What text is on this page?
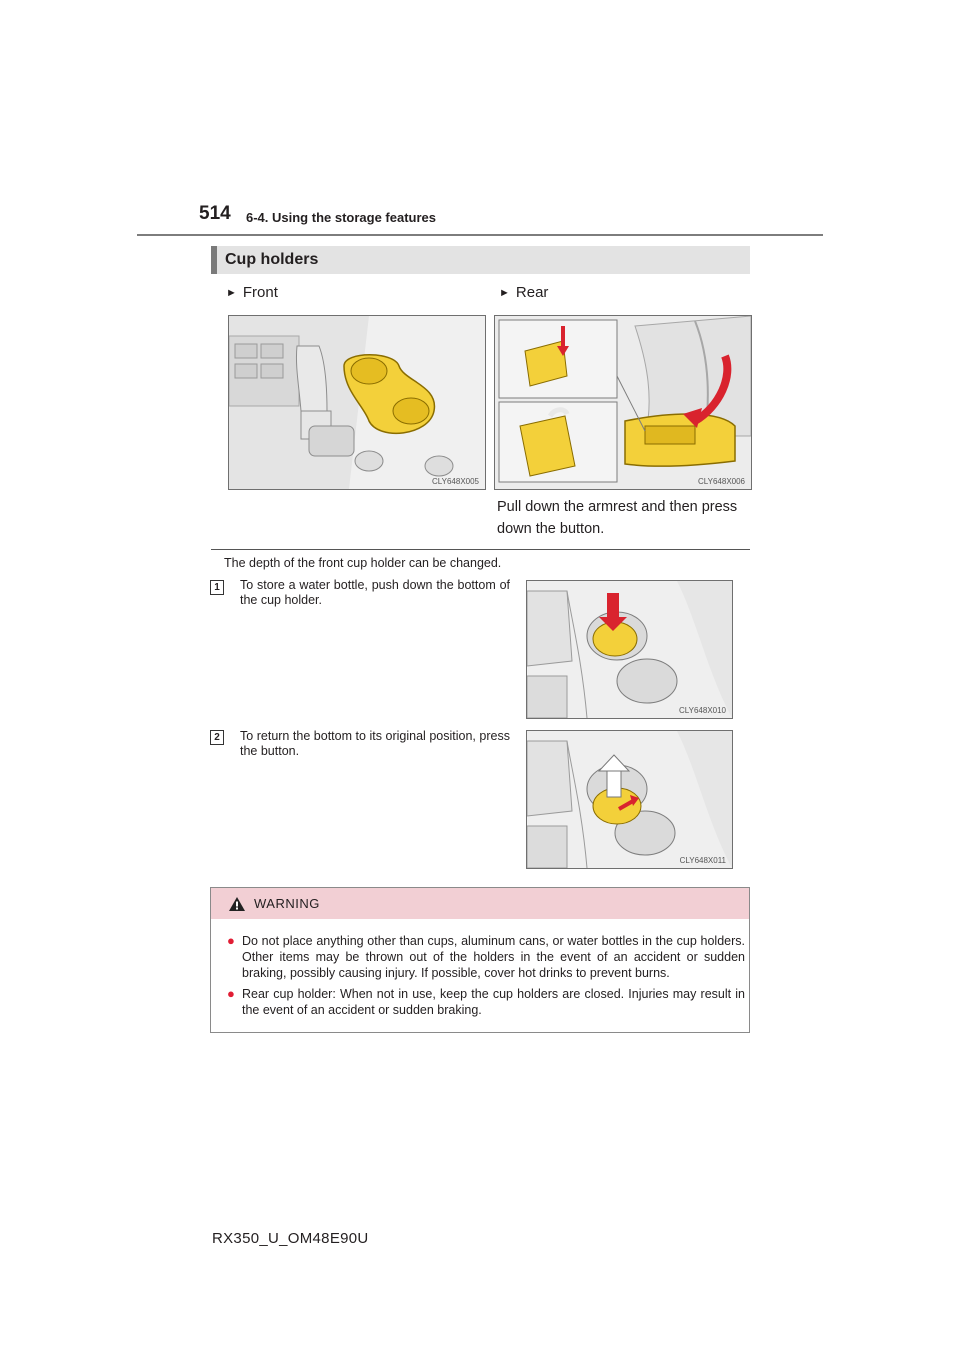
514 6-4. Using the storage features
Cup holders
► Front	► Rear
CLY648X005	CLY648X006
Pull down the armrest and then press
down the button.
The depth of the front cup holder can be changed.
1	To store a water bottle, push down the bottom of the cup holder.
CLY648X010
2	To return the bottom to its original position, press the button.
CLY648X011
WARNING
● Do not place anything other than cups, aluminum cans, or water bottles in the cup holders. Other items may be thrown out of the holders in the event of an accident or sudden braking, possibly causing injury. If possible, cover hot drinks to prevent burns.
● Rear cup holder: When not in use, keep the cup holders are closed. Injuries may result in the event of an accident or sudden braking.
RX350_U_OM48E90U
